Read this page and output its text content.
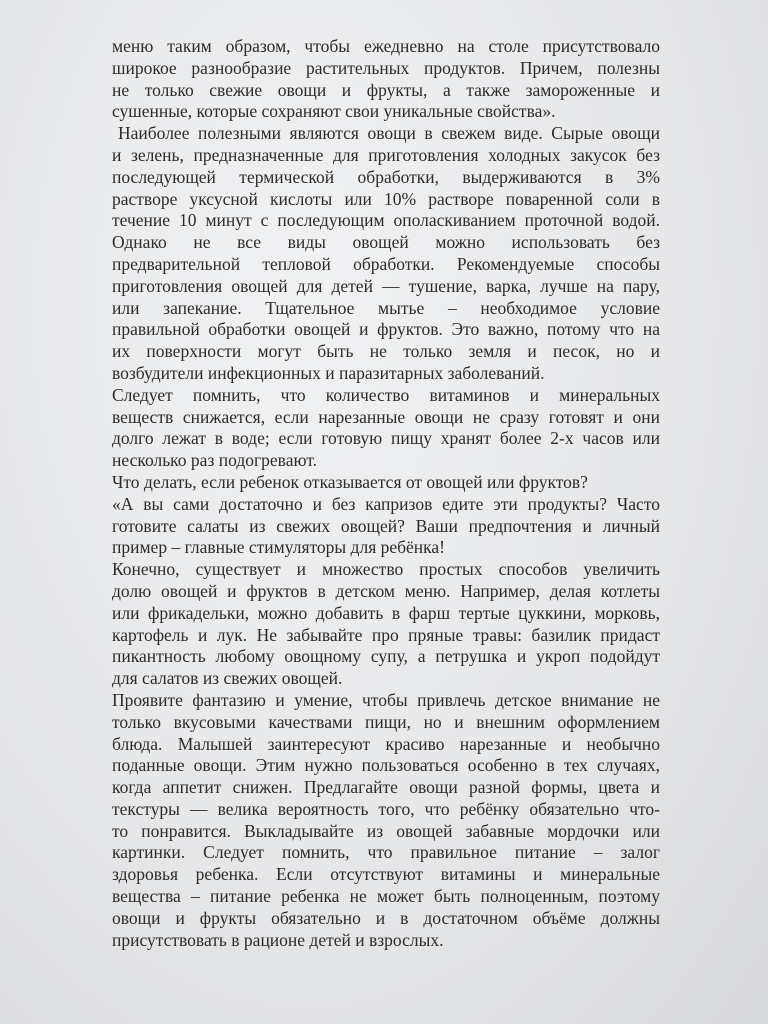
меню таким образом, чтобы ежедневно на столе присутствовало
широкое разнообразие растительных продуктов. Причем, полезны
не только свежие овощи и фрукты, а также замороженные и
сушенные, которые сохраняют свои уникальные свойства».
Наиболее полезными являются овощи в свежем виде. Сырые овощи
и зелень, предназначенные для приготовления холодных закусок без
последующей термической обработки, выдерживаются в 3%
растворе уксусной кислоты или 10% растворе поваренной соли в
течение 10 минут с последующим ополаскиванием проточной водой.
Однако не все виды овощей можно использовать без
предварительной тепловой обработки. Рекомендуемые способы
приготовления овощей для детей — тушение, варка, лучше на пару,
или запекание. Тщательное мытье – необходимое условие
правильной обработки овощей и фруктов. Это важно, потому что на
их поверхности могут быть не только земля и песок, но и
возбудители инфекционных и паразитарных заболеваний.
Следует помнить, что количество витаминов и минеральных
веществ снижается, если нарезанные овощи не сразу готовят и они
долго лежат в воде; если готовую пищу хранят более 2-х часов или
несколько раз подогревают.
Что делать, если ребенок отказывается от овощей или фруктов?
«А вы сами достаточно и без капризов едите эти продукты? Часто
готовите салаты из свежих овощей? Ваши предпочтения и личный
пример – главные стимуляторы для ребёнка!
Конечно, существует и множество простых способов увеличить
долю овощей и фруктов в детском меню. Например, делая котлеты
или фрикадельки, можно добавить в фарш тертые цуккини, морковь,
картофель и лук. Не забывайте про пряные травы: базилик придаст
пикантность любому овощному супу, а петрушка и укроп подойдут
для салатов из свежих овощей.
Проявите фантазию и умение, чтобы привлечь детское внимание не
только вкусовыми качествами пищи, но и внешним оформлением
блюда. Малышей заинтересуют красиво нарезанные и необычно
поданные овощи. Этим нужно пользоваться особенно в тех случаях,
когда аппетит снижен. Предлагайте овощи разной формы, цвета и
текстуры — велика вероятность того, что ребёнку обязательно что-
то понравится. Выкладывайте из овощей забавные мордочки или
картинки. Следует помнить, что правильное питание – залог
здоровья ребенка. Если отсутствуют витамины и минеральные
вещества – питание ребенка не может быть полноценным, поэтому
овощи и фрукты обязательно и в достаточном объёме должны
присутствовать в рационе детей и взрослых.
